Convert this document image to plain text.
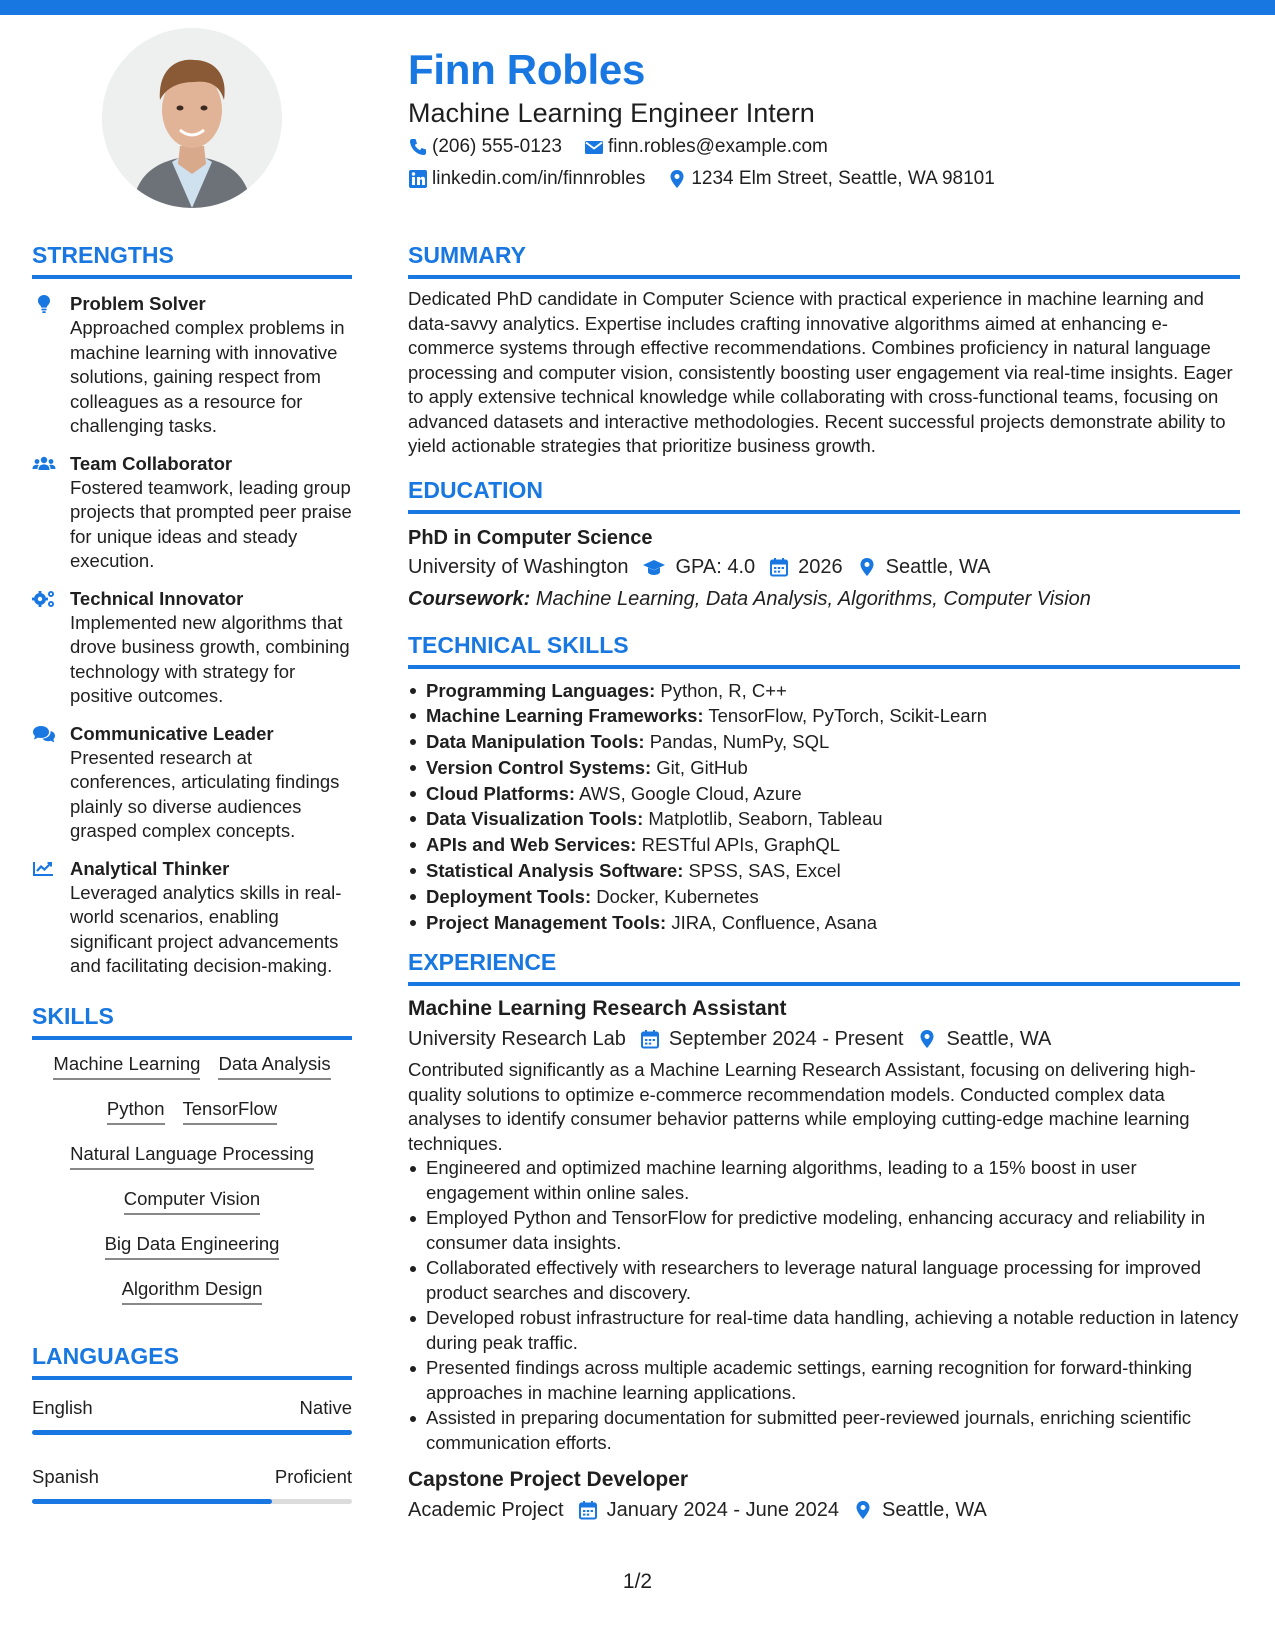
Finn Robles
Machine Learning Engineer Intern
(206) 555-0123 finn.robles@example.com
linkedin.com/in/finnrobles 1234 Elm Street, Seattle, WA 98101
STRENGTHS
Problem Solver
Approached complex problems in machine learning with innovative solutions, gaining respect from colleagues as a resource for challenging tasks.
Team Collaborator
Fostered teamwork, leading group projects that prompted peer praise for unique ideas and steady execution.
Technical Innovator
Implemented new algorithms that drove business growth, combining technology with strategy for positive outcomes.
Communicative Leader
Presented research at conferences, articulating findings plainly so diverse audiences grasped complex concepts.
Analytical Thinker
Leveraged analytics skills in real-world scenarios, enabling significant project advancements and facilitating decision-making.
SKILLS
Machine Learning Data Analysis
Python TensorFlow
Natural Language Processing
Computer Vision
Big Data Engineering
Algorithm Design
LANGUAGES
English	Native
Spanish	Proficient
SUMMARY
Dedicated PhD candidate in Computer Science with practical experience in machine learning and data-savvy analytics. Expertise includes crafting innovative algorithms aimed at enhancing e-commerce systems through effective recommendations. Combines proficiency in natural language processing and computer vision, consistently boosting user engagement via real-time insights. Eager to apply extensive technical knowledge while collaborating with cross-functional teams, focusing on advanced datasets and interactive methodologies. Recent successful projects demonstrate ability to yield actionable strategies that prioritize business growth.
EDUCATION
PhD in Computer Science
University of Washington GPA: 4.0 2026 Seattle, WA
Coursework: Machine Learning, Data Analysis, Algorithms, Computer Vision
TECHNICAL SKILLS
Programming Languages: Python, R, C++
Machine Learning Frameworks: TensorFlow, PyTorch, Scikit-Learn
Data Manipulation Tools: Pandas, NumPy, SQL
Version Control Systems: Git, GitHub
Cloud Platforms: AWS, Google Cloud, Azure
Data Visualization Tools: Matplotlib, Seaborn, Tableau
APIs and Web Services: RESTful APIs, GraphQL
Statistical Analysis Software: SPSS, SAS, Excel
Deployment Tools: Docker, Kubernetes
Project Management Tools: JIRA, Confluence, Asana
EXPERIENCE
Machine Learning Research Assistant
University Research Lab September 2024 - Present Seattle, WA
Contributed significantly as a Machine Learning Research Assistant, focusing on delivering high-quality solutions to optimize e-commerce recommendation models. Conducted complex data analyses to identify consumer behavior patterns while employing cutting-edge machine learning techniques.
Engineered and optimized machine learning algorithms, leading to a 15% boost in user engagement within online sales.
Employed Python and TensorFlow for predictive modeling, enhancing accuracy and reliability in consumer data insights.
Collaborated effectively with researchers to leverage natural language processing for improved product searches and discovery.
Developed robust infrastructure for real-time data handling, achieving a notable reduction in latency during peak traffic.
Presented findings across multiple academic settings, earning recognition for forward-thinking approaches in machine learning applications.
Assisted in preparing documentation for submitted peer-reviewed journals, enriching scientific communication efforts.
Capstone Project Developer
Academic Project January 2024 - June 2024 Seattle, WA
1/2
